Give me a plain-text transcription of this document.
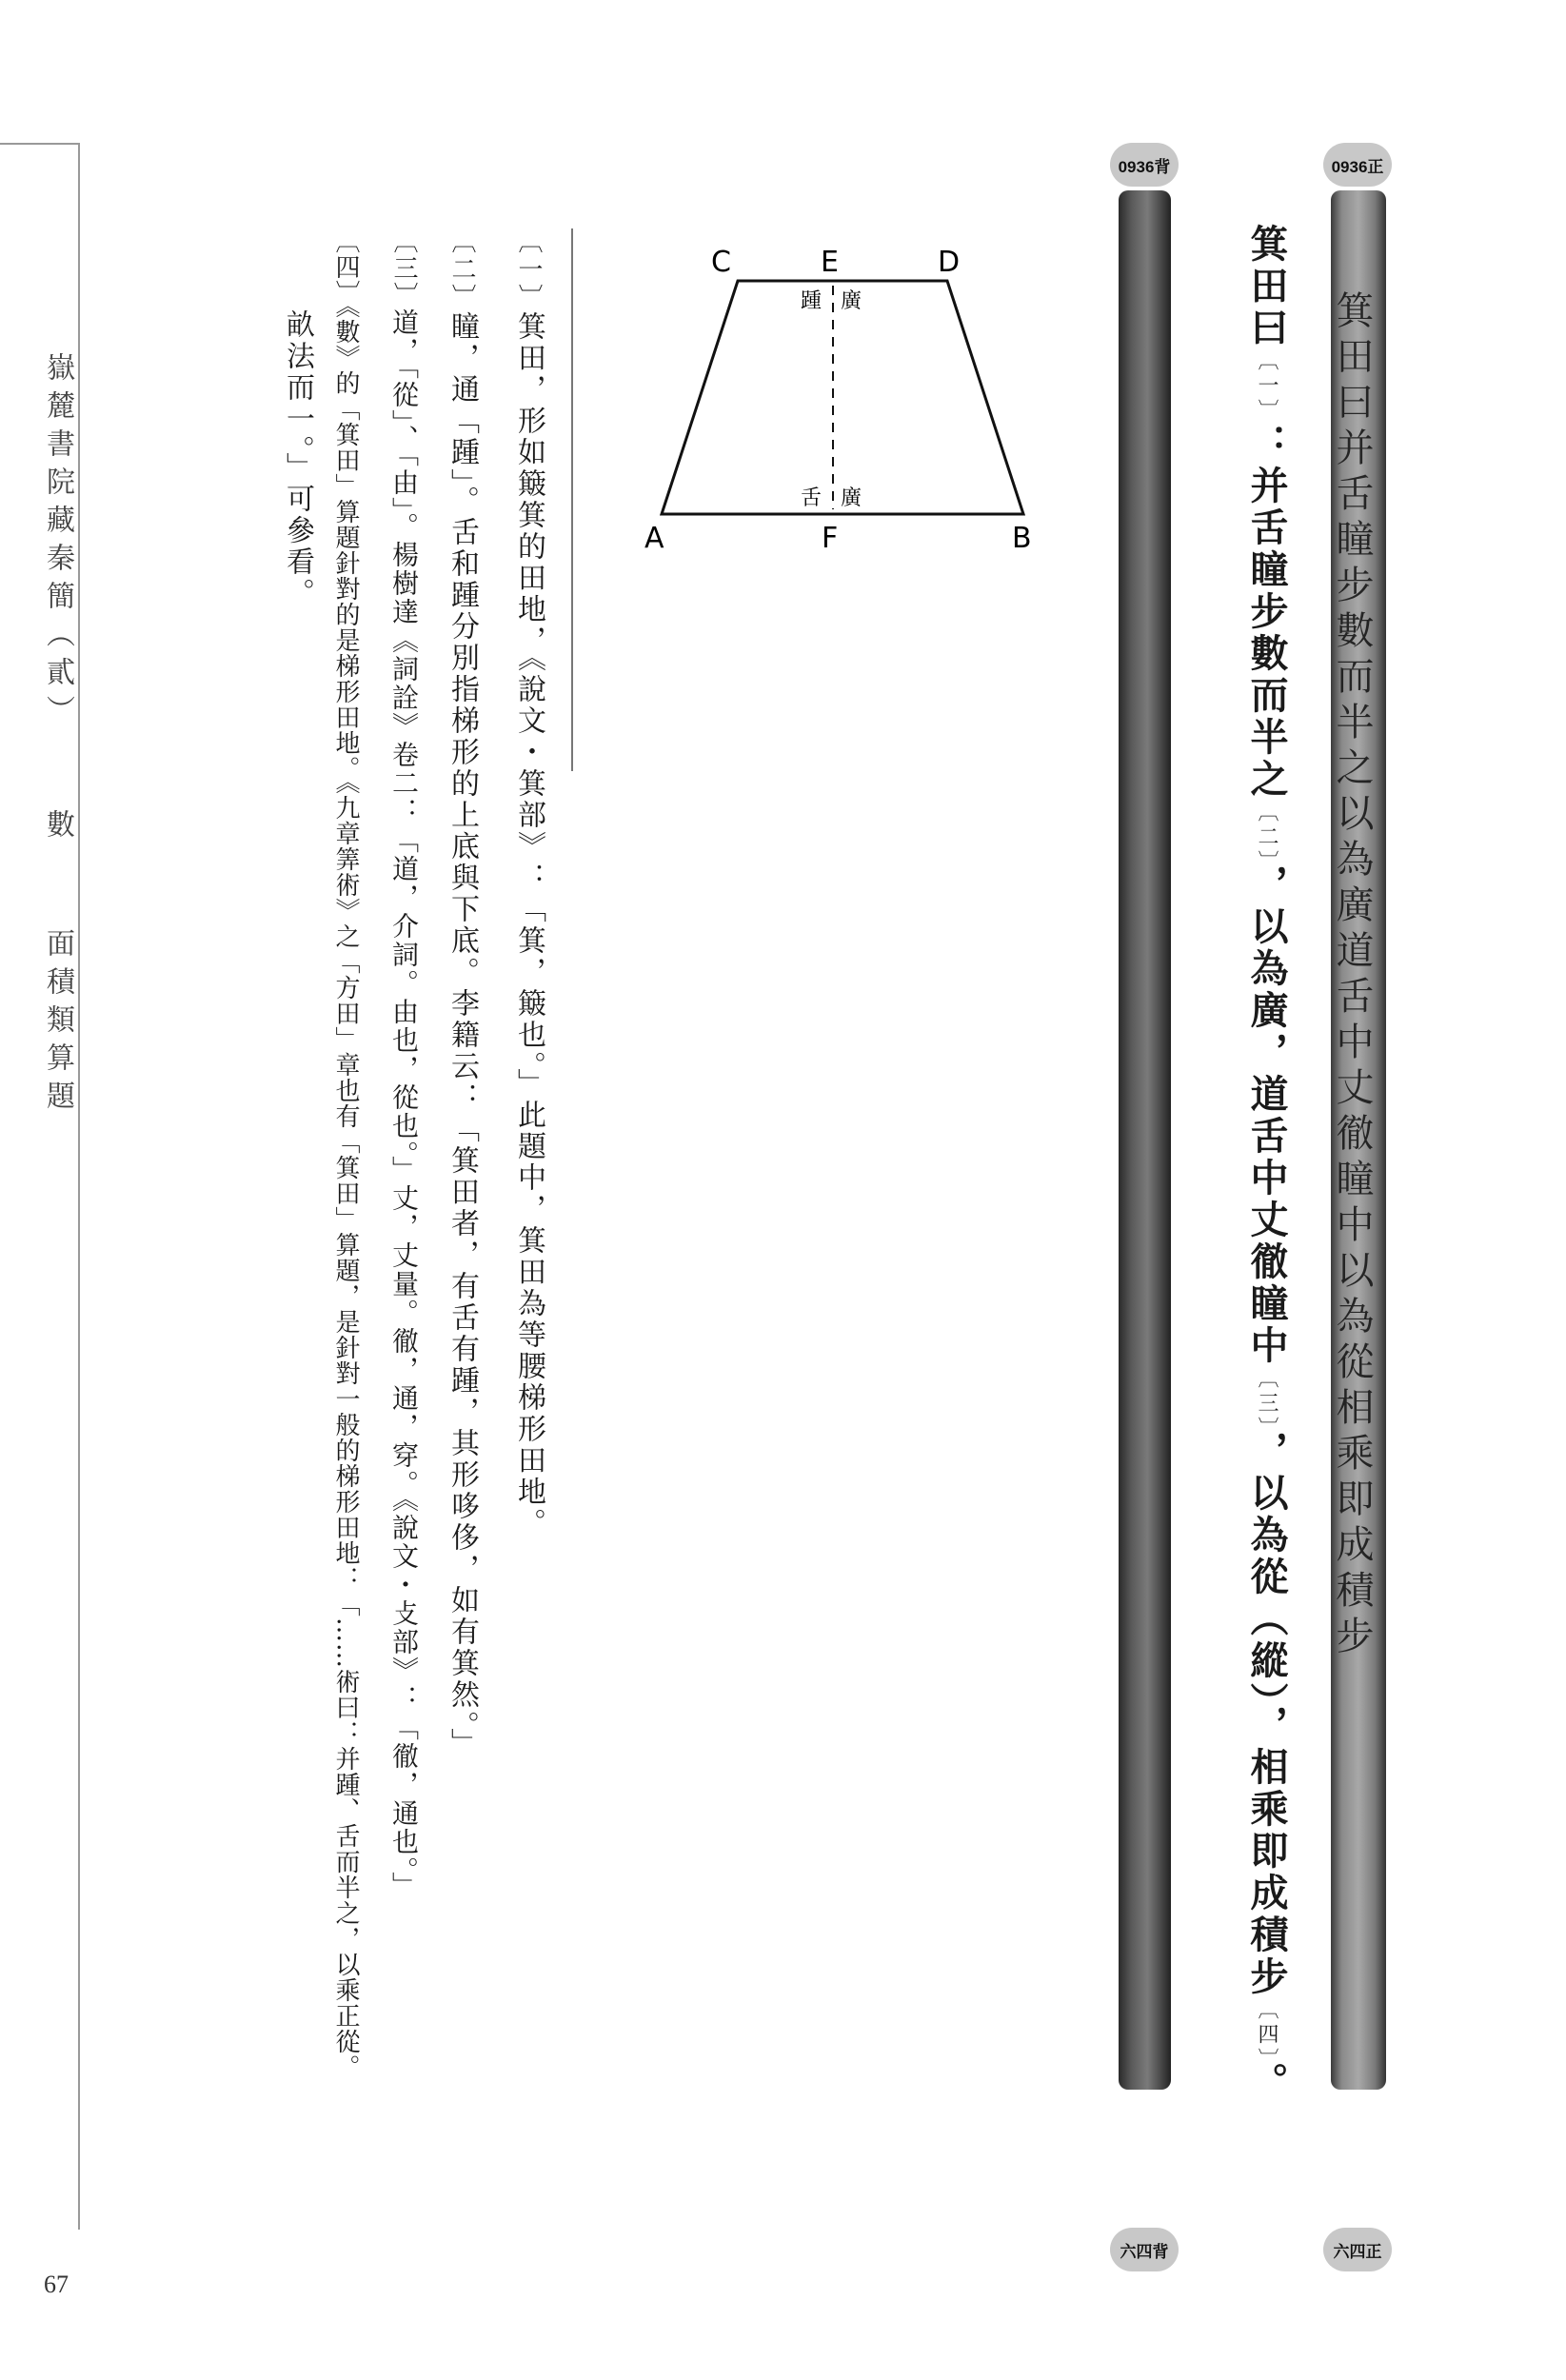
嶽麓書院藏秦簡（貳）
數
面積類算題
67
〔一〕箕田，形如簸箕的田地，《說文・箕部》：「箕，簸也。」此題中，箕田為等腰梯形田地。
〔二〕瞳，通「踵」。舌和踵分別指梯形的上底與下底。李籍云：「箕田者，有舌有踵，其形哆侈，如有箕然。」
〔三〕道，「從」、「由」。楊樹達《詞詮》卷二：「道，介詞。由也，從也。」丈，丈量。徹，通，穿。《說文・攴部》：「徹，通也。」
〔四〕《數》的「箕田」算題針對的是梯形田地。《九章筭術》之「方田」章也有「箕田」算題，是針對一般的梯形田地：「……術曰：并踵、舌而半之，以乘正從。
畝法而一。」可參看。
C	E	D
A	F	B
踵 廣
舌 廣
箕田曰〔一〕：并舌瞳步數而半之〔二〕，以為廣，道舌中丈徹瞳中〔三〕，以為從（縱），相乘即成積步〔四〕。
0936背	0936正
箕田曰并舌瞳步數而半之以為廣道舌中丈徹瞳中以為從相乘即成積步
六四背	六四正
